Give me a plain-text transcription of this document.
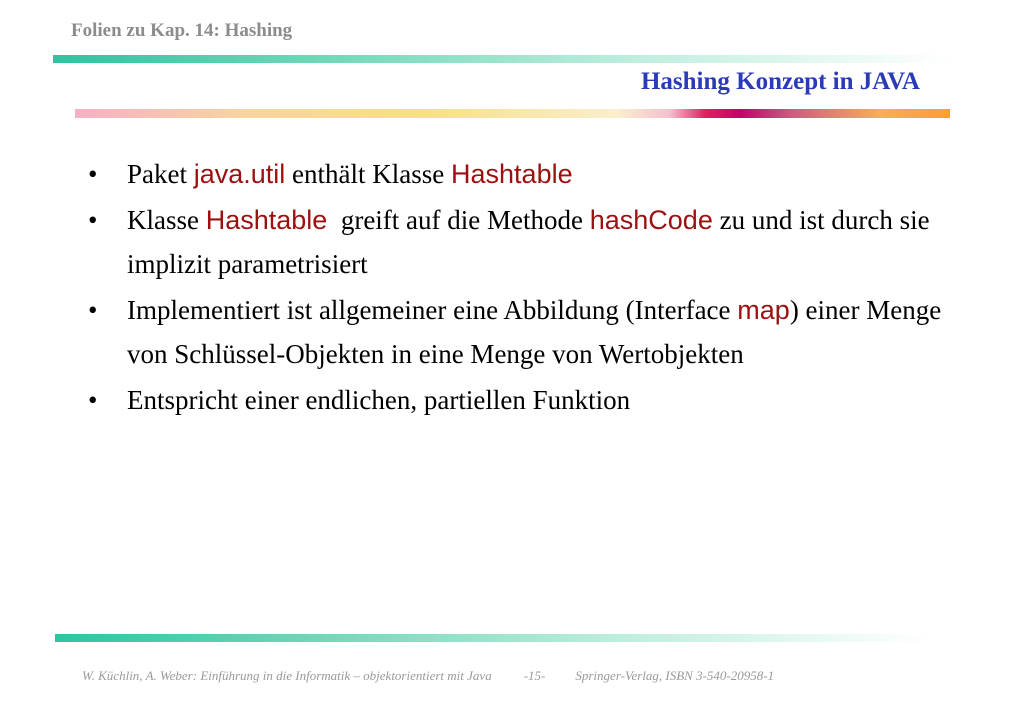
Folien zu Kap. 14: Hashing
Hashing Konzept in JAVA
• Paket java.util enthält Klasse Hashtable
• Klasse Hashtable  greift auf die Methode hashCode zu und ist durch sie implizit parametrisiert
• Implementiert ist allgemeiner eine Abbildung (Interface map) einer Menge von Schlüssel-Objekten in eine Menge von Wertobjekten
• Entspricht einer endlichen, partiellen Funktion
W. Küchlin, A. Weber: Einführung in die Informatik – objektorientiert mit Java -15- Springer-Verlag, ISBN 3-540-20958-1
